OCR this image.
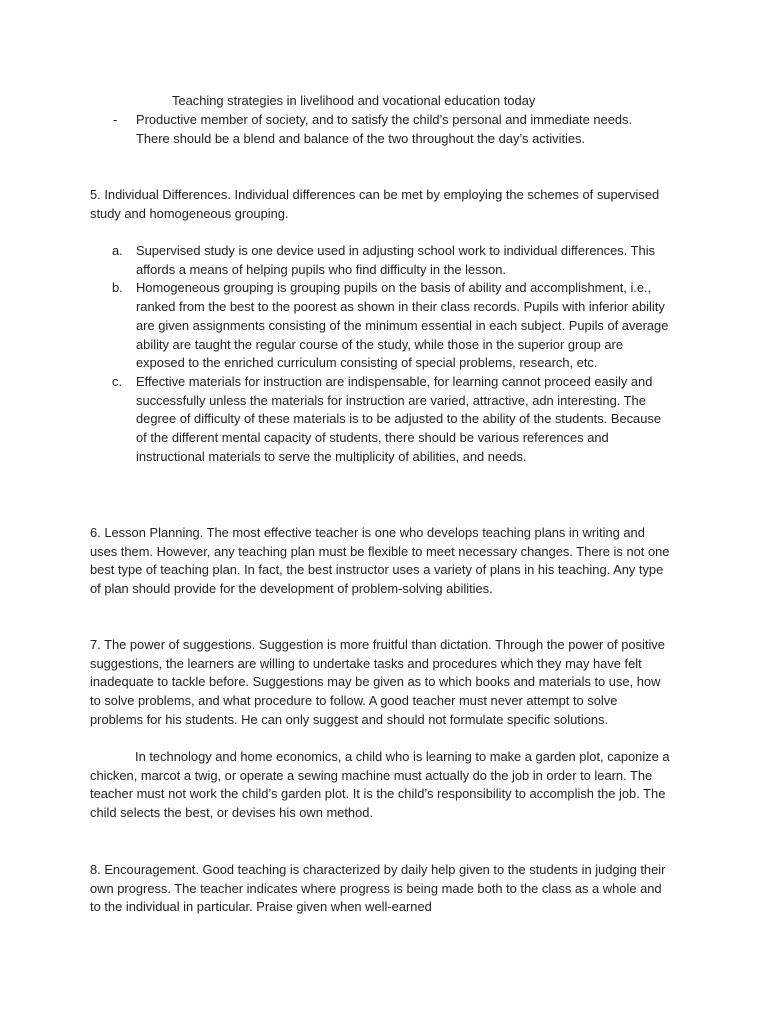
Teaching strategies in livelihood and vocational education today
-	Productive member of society, and to satisfy the child’s personal and immediate needs. There should be a blend and balance of the two throughout the day’s activities.

5. Individual Differences. Individual differences can be met by employing the schemes of supervised study and homogeneous grouping.

a. Supervised study is one device used in adjusting school work to individual differences. This affords a means of helping pupils who find difficulty in the lesson.
b. Homogeneous grouping is grouping pupils on the basis of ability and accomplishment, i.e., ranked from the best to the poorest as shown in their class records. Pupils with inferior ability are given assignments consisting of the minimum essential in each subject. Pupils of average ability are taught the regular course of the study, while those in the superior group are exposed to the enriched curriculum consisting of special problems, research, etc.
c. Effective materials for instruction are indispensable, for learning cannot proceed easily and successfully unless the materials for instruction are varied, attractive, adn interesting. The degree of difficulty of these materials is to be adjusted to the ability of the students. Because of the different mental capacity of students, there should be various references and instructional materials to serve the multiplicity of abilities, and needs.

6. Lesson Planning. The most effective teacher is one who develops teaching plans in writing and uses them. However, any teaching plan must be flexible to meet necessary changes. There is not one best type of teaching plan. In fact, the best instructor uses a variety of plans in his teaching. Any type of plan should provide for the development of problem-solving abilities.

7. The power of suggestions. Suggestion is more fruitful than dictation. Through the power of positive suggestions, the learners are willing to undertake tasks and procedures which they may have felt inadequate to tackle before. Suggestions may be given as to which books and materials to use, how to solve problems, and what procedure to follow. A good teacher must never attempt to solve problems for his students. He can only suggest and should not formulate specific solutions.

In technology and home economics, a child who is learning to make a garden plot, caponize a chicken, marcot a twig, or operate a sewing machine must actually do the job in order to learn. The teacher must not work the child’s garden plot. It is the child’s responsibility to accomplish the job. The child selects the best, or devises his own method.

8. Encouragement. Good teaching is characterized by daily help given to the students in judging their own progress. The teacher indicates where progress is being made both to the class as a whole and to the individual in particular. Praise given when well-earned
